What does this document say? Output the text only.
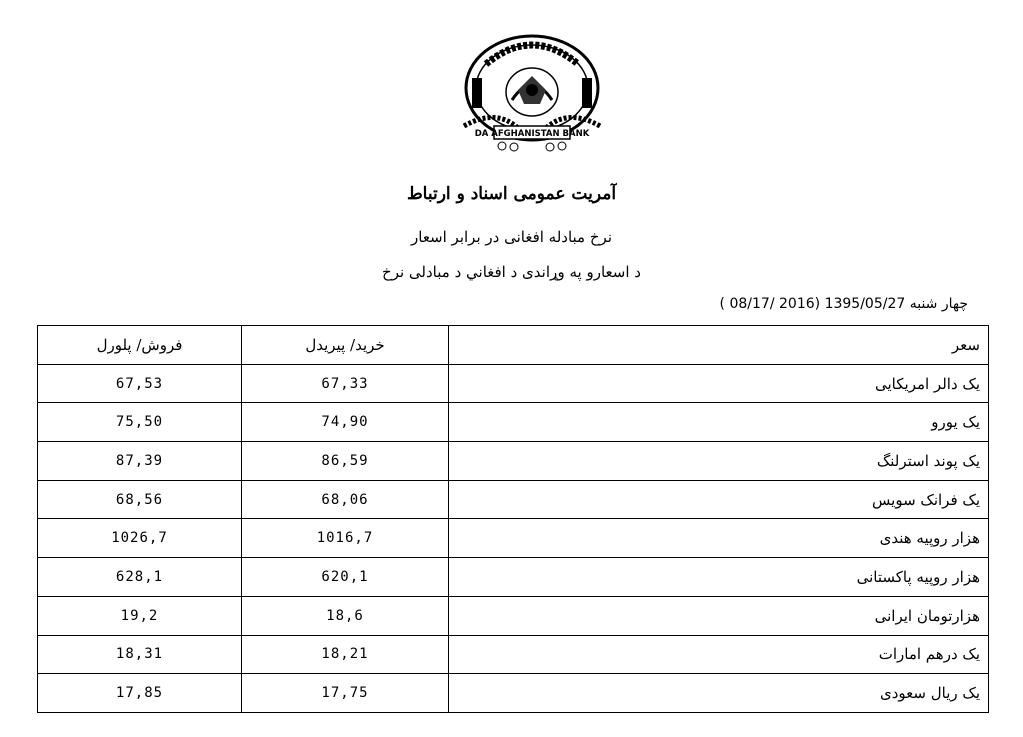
DA AFGHANISTAN BANK
آمریت عمومی اسناد و ارتباط
نرخ مبادله افغانی در برابر اسعار
د اسعارو په وړاندی د افغاني د مبادلی نرخ
چهار شنبه 1395/05/27 (2016 /08/17 )
فروش/ پلورل	خرید/ پیریدل	سعر
67,53	67,33	یک دالر امریکایی
75,50	74,90	یک یورو
87,39	86,59	یک پوند استرلنگ
68,56	68,06	یک فرانک سویس
1026,7	1016,7	هزار روپیه هندی
628,1	620,1	هزار روپیه پاکستانی
19,2	18,6	هزارتومان ایرانی
18,31	18,21	یک درهم امارات
17,85	17,75	یک ریال سعودی
